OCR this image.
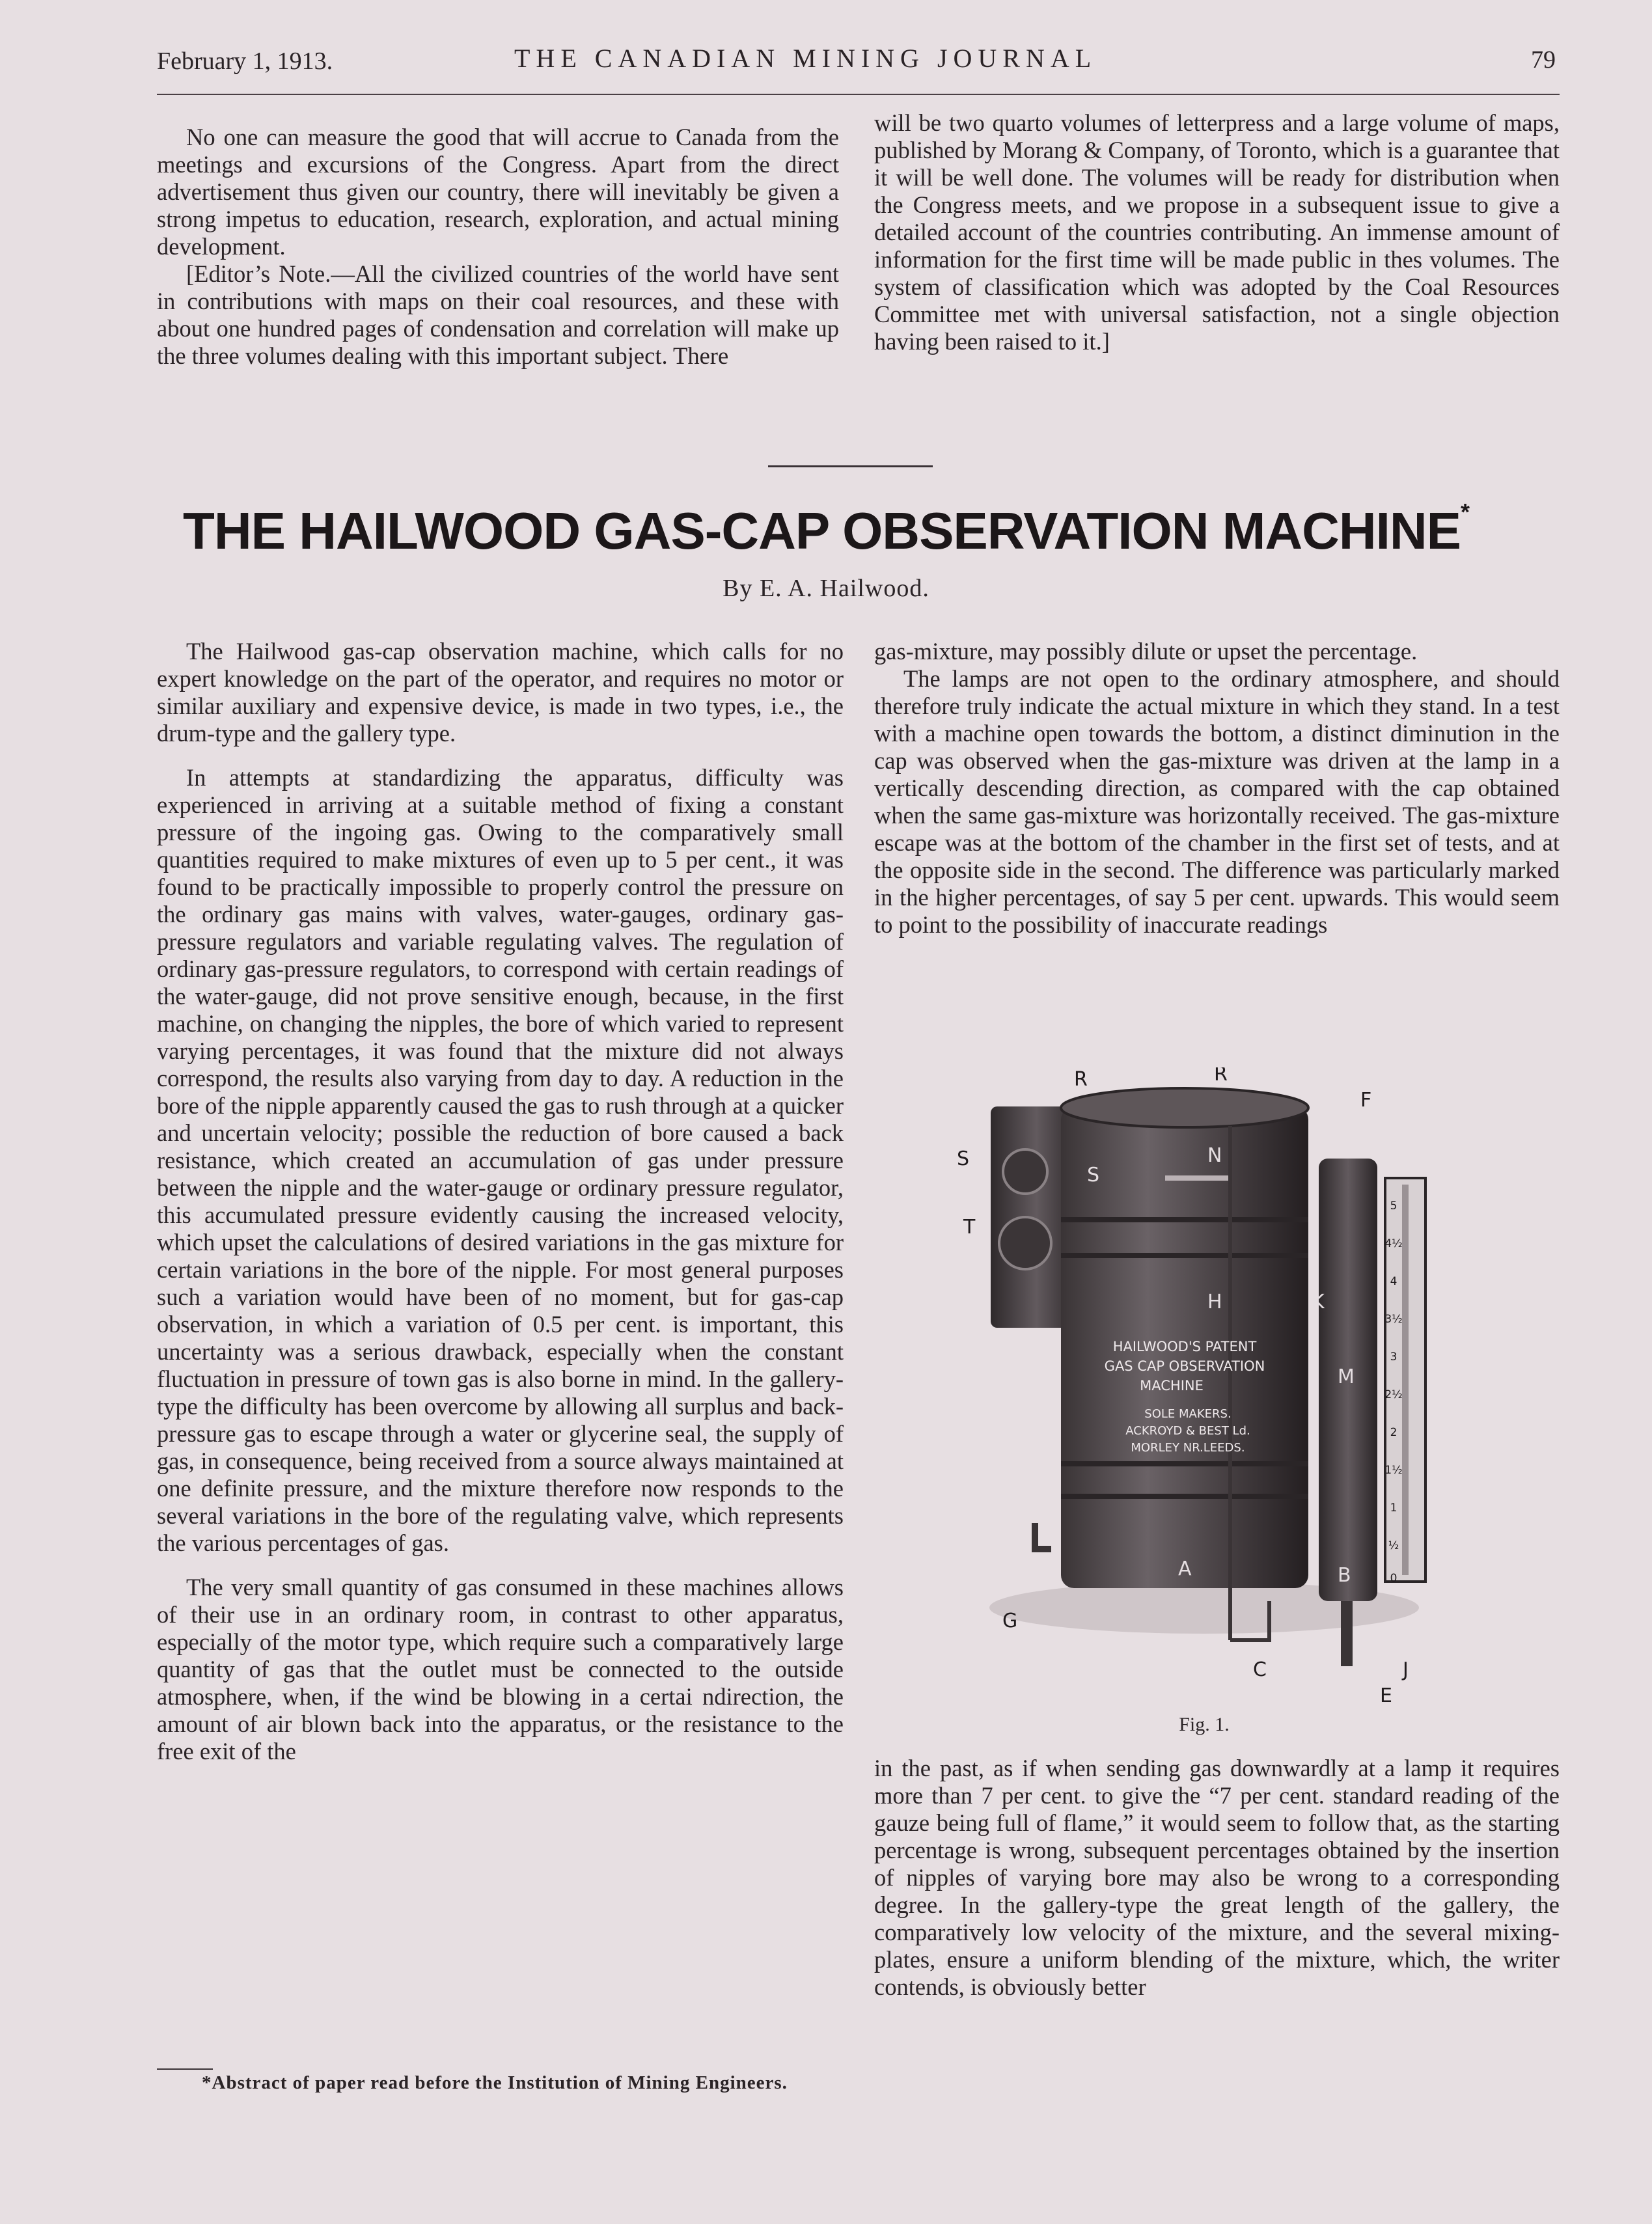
February 1, 1913.	THE CANADIAN MINING JOURNAL	79

No one can measure the good that will accrue to Canada from the meetings and excursions of the Congress. Apart from the direct advertisement thus given our country, there will inevitably be given a strong impetus to education, research, exploration, and actual mining development.

[Editor’s Note.—All the civilized countries of the world have sent in contributions with maps on their coal resources, and these with about one hundred pages of condensation and correlation will make up the three volumes dealing with this important subject. There

will be two quarto volumes of letterpress and a large volume of maps, published by Morang & Company, of Toronto, which is a guarantee that it will be well done. The volumes will be ready for distribution when the Congress meets, and we propose in a subsequent issue to give a detailed account of the countries contributing. An immense amount of information for the first time will be made public in thes volumes. The system of classification which was adopted by the Coal Resources Committee met with universal satisfaction, not a single objection having been raised to it.]

THE HAILWOOD GAS-CAP OBSERVATION MACHINE*
By E. A. Hailwood.

The Hailwood gas-cap observation machine, which calls for no expert knowledge on the part of the operator, and requires no motor or similar auxiliary and expensive device, is made in two types, i.e., the drum-type and the gallery type.

In attempts at standardizing the apparatus, difficulty was experienced in arriving at a suitable method of fixing a constant pressure of the ingoing gas. Owing to the comparatively small quantities required to make mixtures of even up to 5 per cent., it was found to be practically impossible to properly control the pressure on the ordinary gas mains with valves, water-gauges, ordinary gas- pressure regulators and variable regulating valves. The regulation of ordinary gas-pressure regulators, to correspond with certain readings of the water-gauge, did not prove sensitive enough, because, in the first machine, on changing the nipples, the bore of which varied to represent varying percentages, it was found that the mixture did not always correspond, the results also varying from day to day. A reduction in the bore of the nipple apparently caused the gas to rush through at a quicker and uncertain velocity; possible the reduction of bore caused a back resistance, which created an accumulation of gas under pressure between the nipple and the water-gauge or ordinary pressure regulator, this accumulated pressure evidently causing the increased velocity, which upset the calculations of desired variations in the gas mixture for certain variations in the bore of the nipple. For most general purposes such a variation would have been of no moment, but for gas-cap observation, in which a variation of 0.5 per cent. is important, this uncertainty was a serious drawback, especially when the constant fluctuation in pressure of town gas is also borne in mind. In the gallery-type the difficulty has been overcome by allowing all surplus and back-pressure gas to escape through a water or glycerine seal, the supply of gas, in consequence, being received from a source always maintained at one definite pressure, and the mixture therefore now responds to the several variations in the bore of the regulating valve, which represents the various percentages of gas.

The very small quantity of gas consumed in these machines allows of their use in an ordinary room, in contrast to other apparatus, especially of the motor type, which require such a comparatively large quantity of gas that the outlet must be connected to the outside atmosphere, when, if the wind be blowing in a certai ndirection, the amount of air blown back into the apparatus, or the resistance to the free exit of the

gas-mixture, may possibly dilute or upset the percentage.

The lamps are not open to the ordinary atmosphere, and should therefore truly indicate the actual mixture in which they stand. In a test with a machine open towards the bottom, a distinct diminution in the cap was observed when the gas-mixture was driven at the lamp in a vertically descending direction, as compared with the cap obtained when the same gas-mixture was horizontally received. The gas-mixture escape was at the bottom of the chamber in the first set of tests, and at the opposite side in the second. The difference was particularly marked in the higher percentages, of say 5 per cent. upwards. This would seem to point to the possibility of inaccurate readings

R	R
F
S
S
T
N
H	K
M
A	B
G
C	J
E
HAILWOOD'S PATENT
GAS CAP OBSERVATION
MACHINE
SOLE MAKERS.
ACKROYD & BEST Ld.
MORLEY NR.LEEDS.
5
4½
4
3½
3
2½
2
1½
1
½
0
Fig. 1.

in the past, as if when sending gas downwardly at a lamp it requires more than 7 per cent. to give the “7 per cent. standard reading of the gauze being full of flame,” it would seem to follow that, as the starting percentage is wrong, subsequent percentages obtained by the insertion of nipples of varying bore may also be wrong to a corresponding degree. In the gallery-type the great length of the gallery, the comparatively low velocity of the mixture, and the several mixing-plates, ensure a uniform blending of the mixture, which, the writer contends, is obviously better

*Abstract of paper read before the Institution of Mining Engineers.
